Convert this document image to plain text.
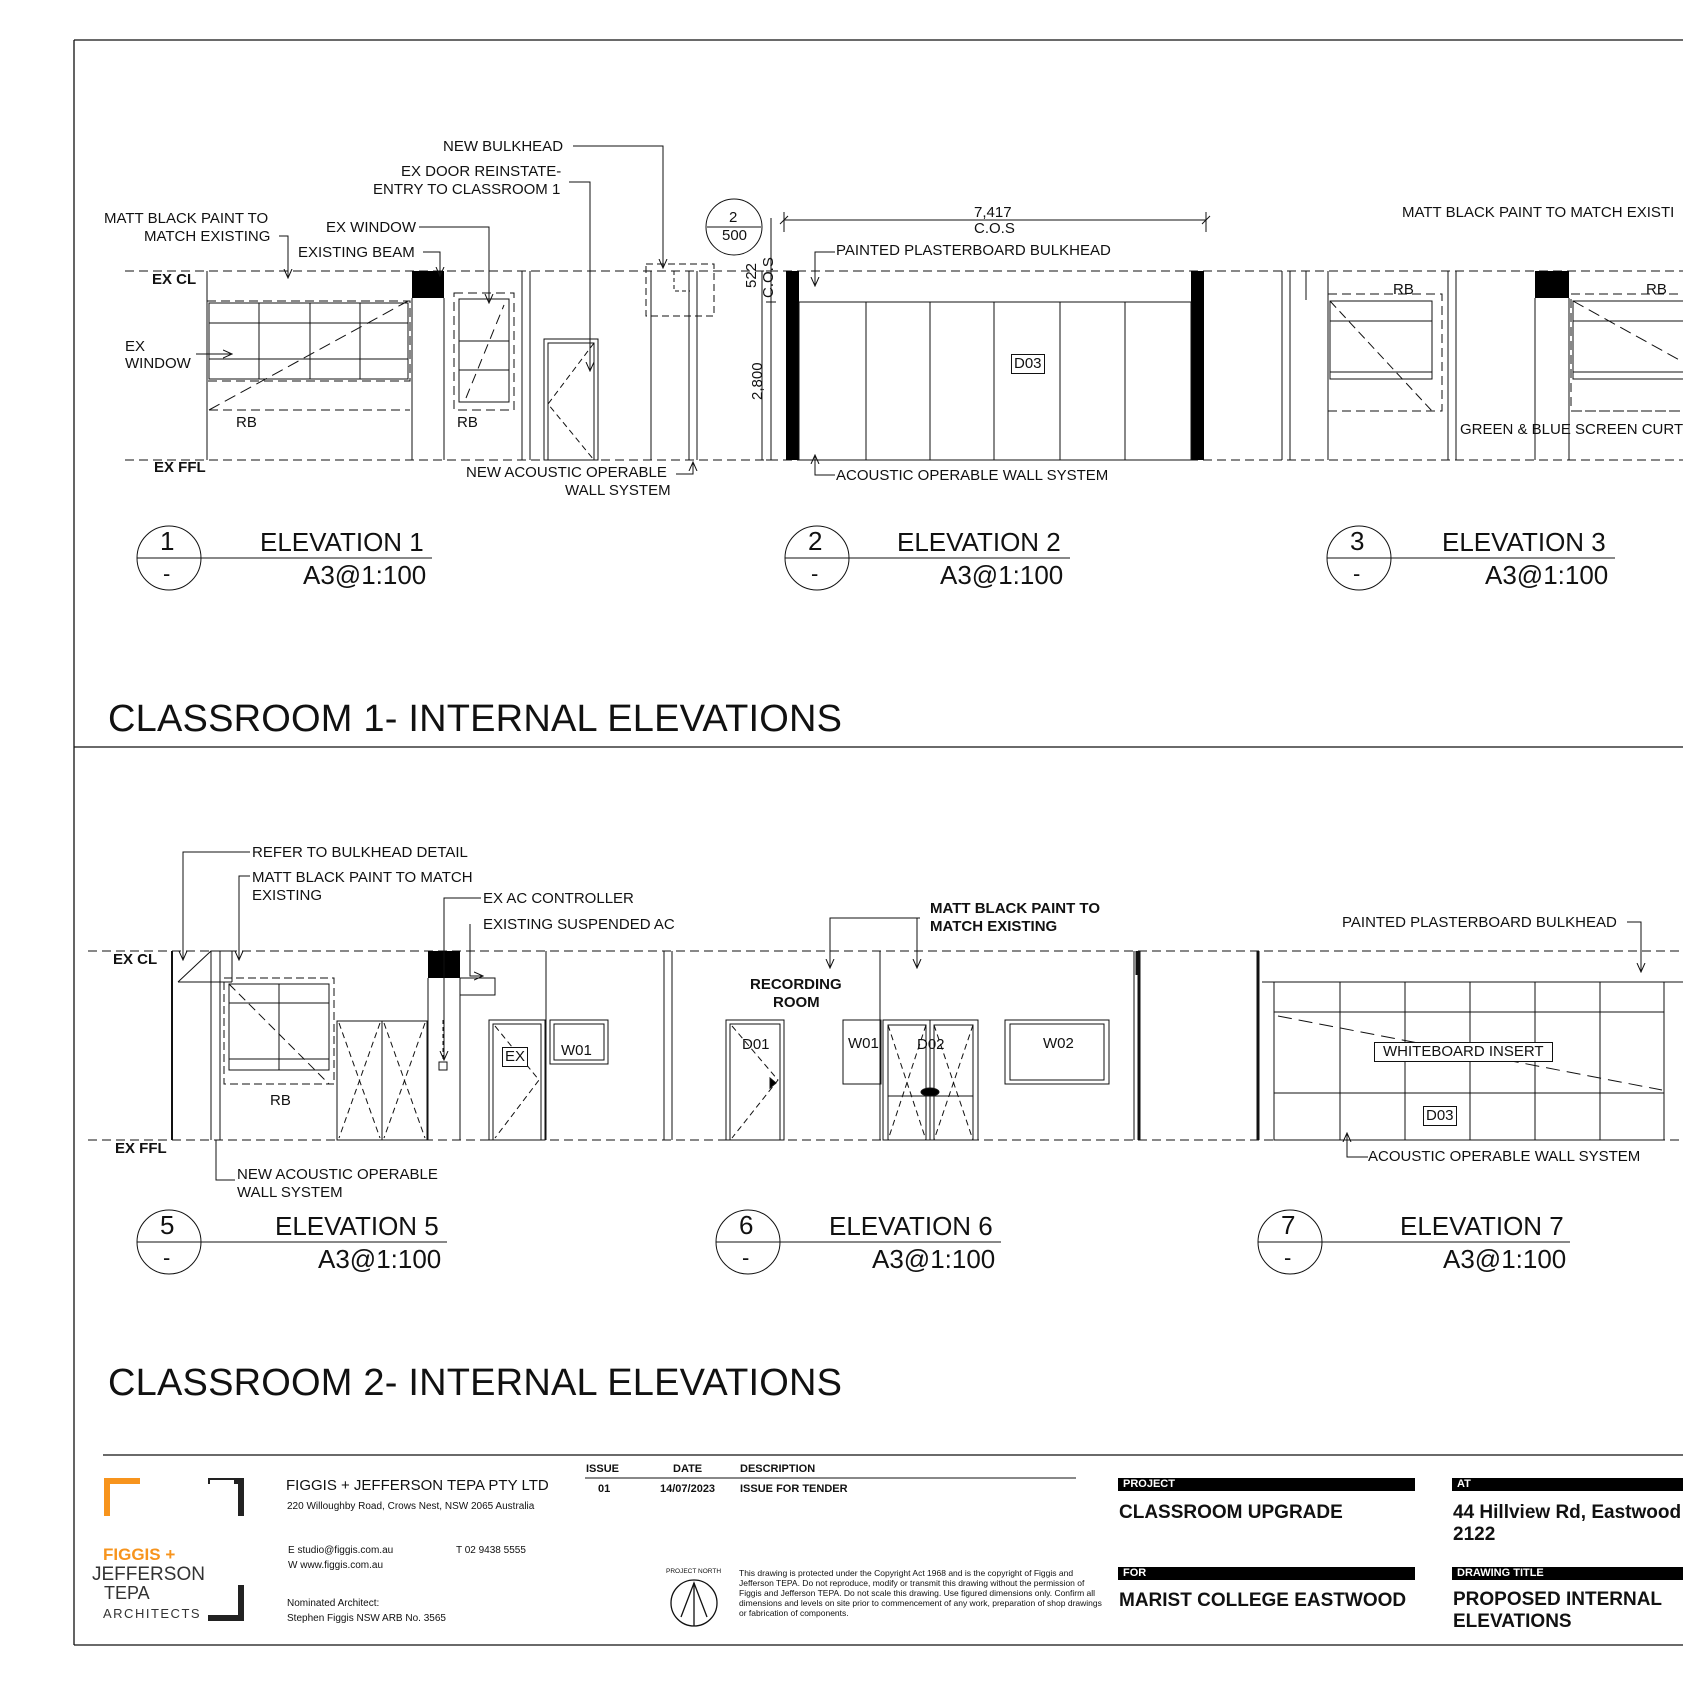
NEW BULKHEAD
EX DOOR REINSTATE-
ENTRY TO CLASSROOM 1
MATT BLACK PAINT TO
MATCH EXISTING
EX WINDOW
EXISTING BEAM
EX CL
EX FFL
EX
WINDOW
RB	RB
NEW ACOUSTIC OPERABLE
WALL SYSTEM
2
500
7,417
C.O.S
PAINTED PLASTERBOARD BULKHEAD
522 C.O.S
2,800	D03
ACOUSTIC OPERABLE WALL SYSTEM
MATT BLACK PAINT TO MATCH EXISTI
RB	RB
GREEN & BLUE SCREEN CURT
1
-
ELEVATION 1
A3@1:100
2
-
ELEVATION 2
A3@1:100
3
-
ELEVATION 3
A3@1:100
CLASSROOM 1- INTERNAL ELEVATIONS
REFER TO BULKHEAD DETAIL
MATT BLACK PAINT TO MATCH
EXISTING	EX AC CONTROLLER
EXISTING SUSPENDED AC
EX CL
EX FFL
RB
EX W01
NEW ACOUSTIC OPERABLE
WALL SYSTEM
MATT BLACK PAINT TO
MATCH EXISTING
RECORDING
ROOM
D01	W01	D02	W02
PAINTED PLASTERBOARD BULKHEAD
WHITEBOARD INSERT
D03
ACOUSTIC OPERABLE WALL SYSTEM
5
-
ELEVATION 5
A3@1:100
6
-
ELEVATION 6
A3@1:100
7
-
ELEVATION 7
A3@1:100
CLASSROOM 2- INTERNAL ELEVATIONS
FIGGIS +
JEFFERSON
TEPA
ARCHITECTS
FIGGIS + JEFFERSON TEPA PTY LTD
220 Willoughby Road, Crows Nest, NSW 2065 Australia
E studio@figgis.com.au	T 02 9438 5555
W www.figgis.com.au
Nominated Architect:
Stephen Figgis NSW ARB No. 3565
ISSUE	DATE	DESCRIPTION
01	14/07/2023 ISSUE FOR TENDER
PROJECT NORTH This drawing is protected under the Copyright Act 1968 and is the copyright of Figgis and Jefferson TEPA. Do not reproduce, modify or transmit this drawing without the permission of Figgis and Jefferson TEPA. Do not scale this drawing. Use figured dimensions only. Confirm all dimensions and levels on site prior to commencement of any work, preparation of shop drawings or fabrication of components.
PROJECT
CLASSROOM UPGRADE
FOR
MARIST COLLEGE EASTWOOD
AT
44 Hillview Rd, Eastwood
2122
DRAWING TITLE
PROPOSED INTERNAL
ELEVATIONS
